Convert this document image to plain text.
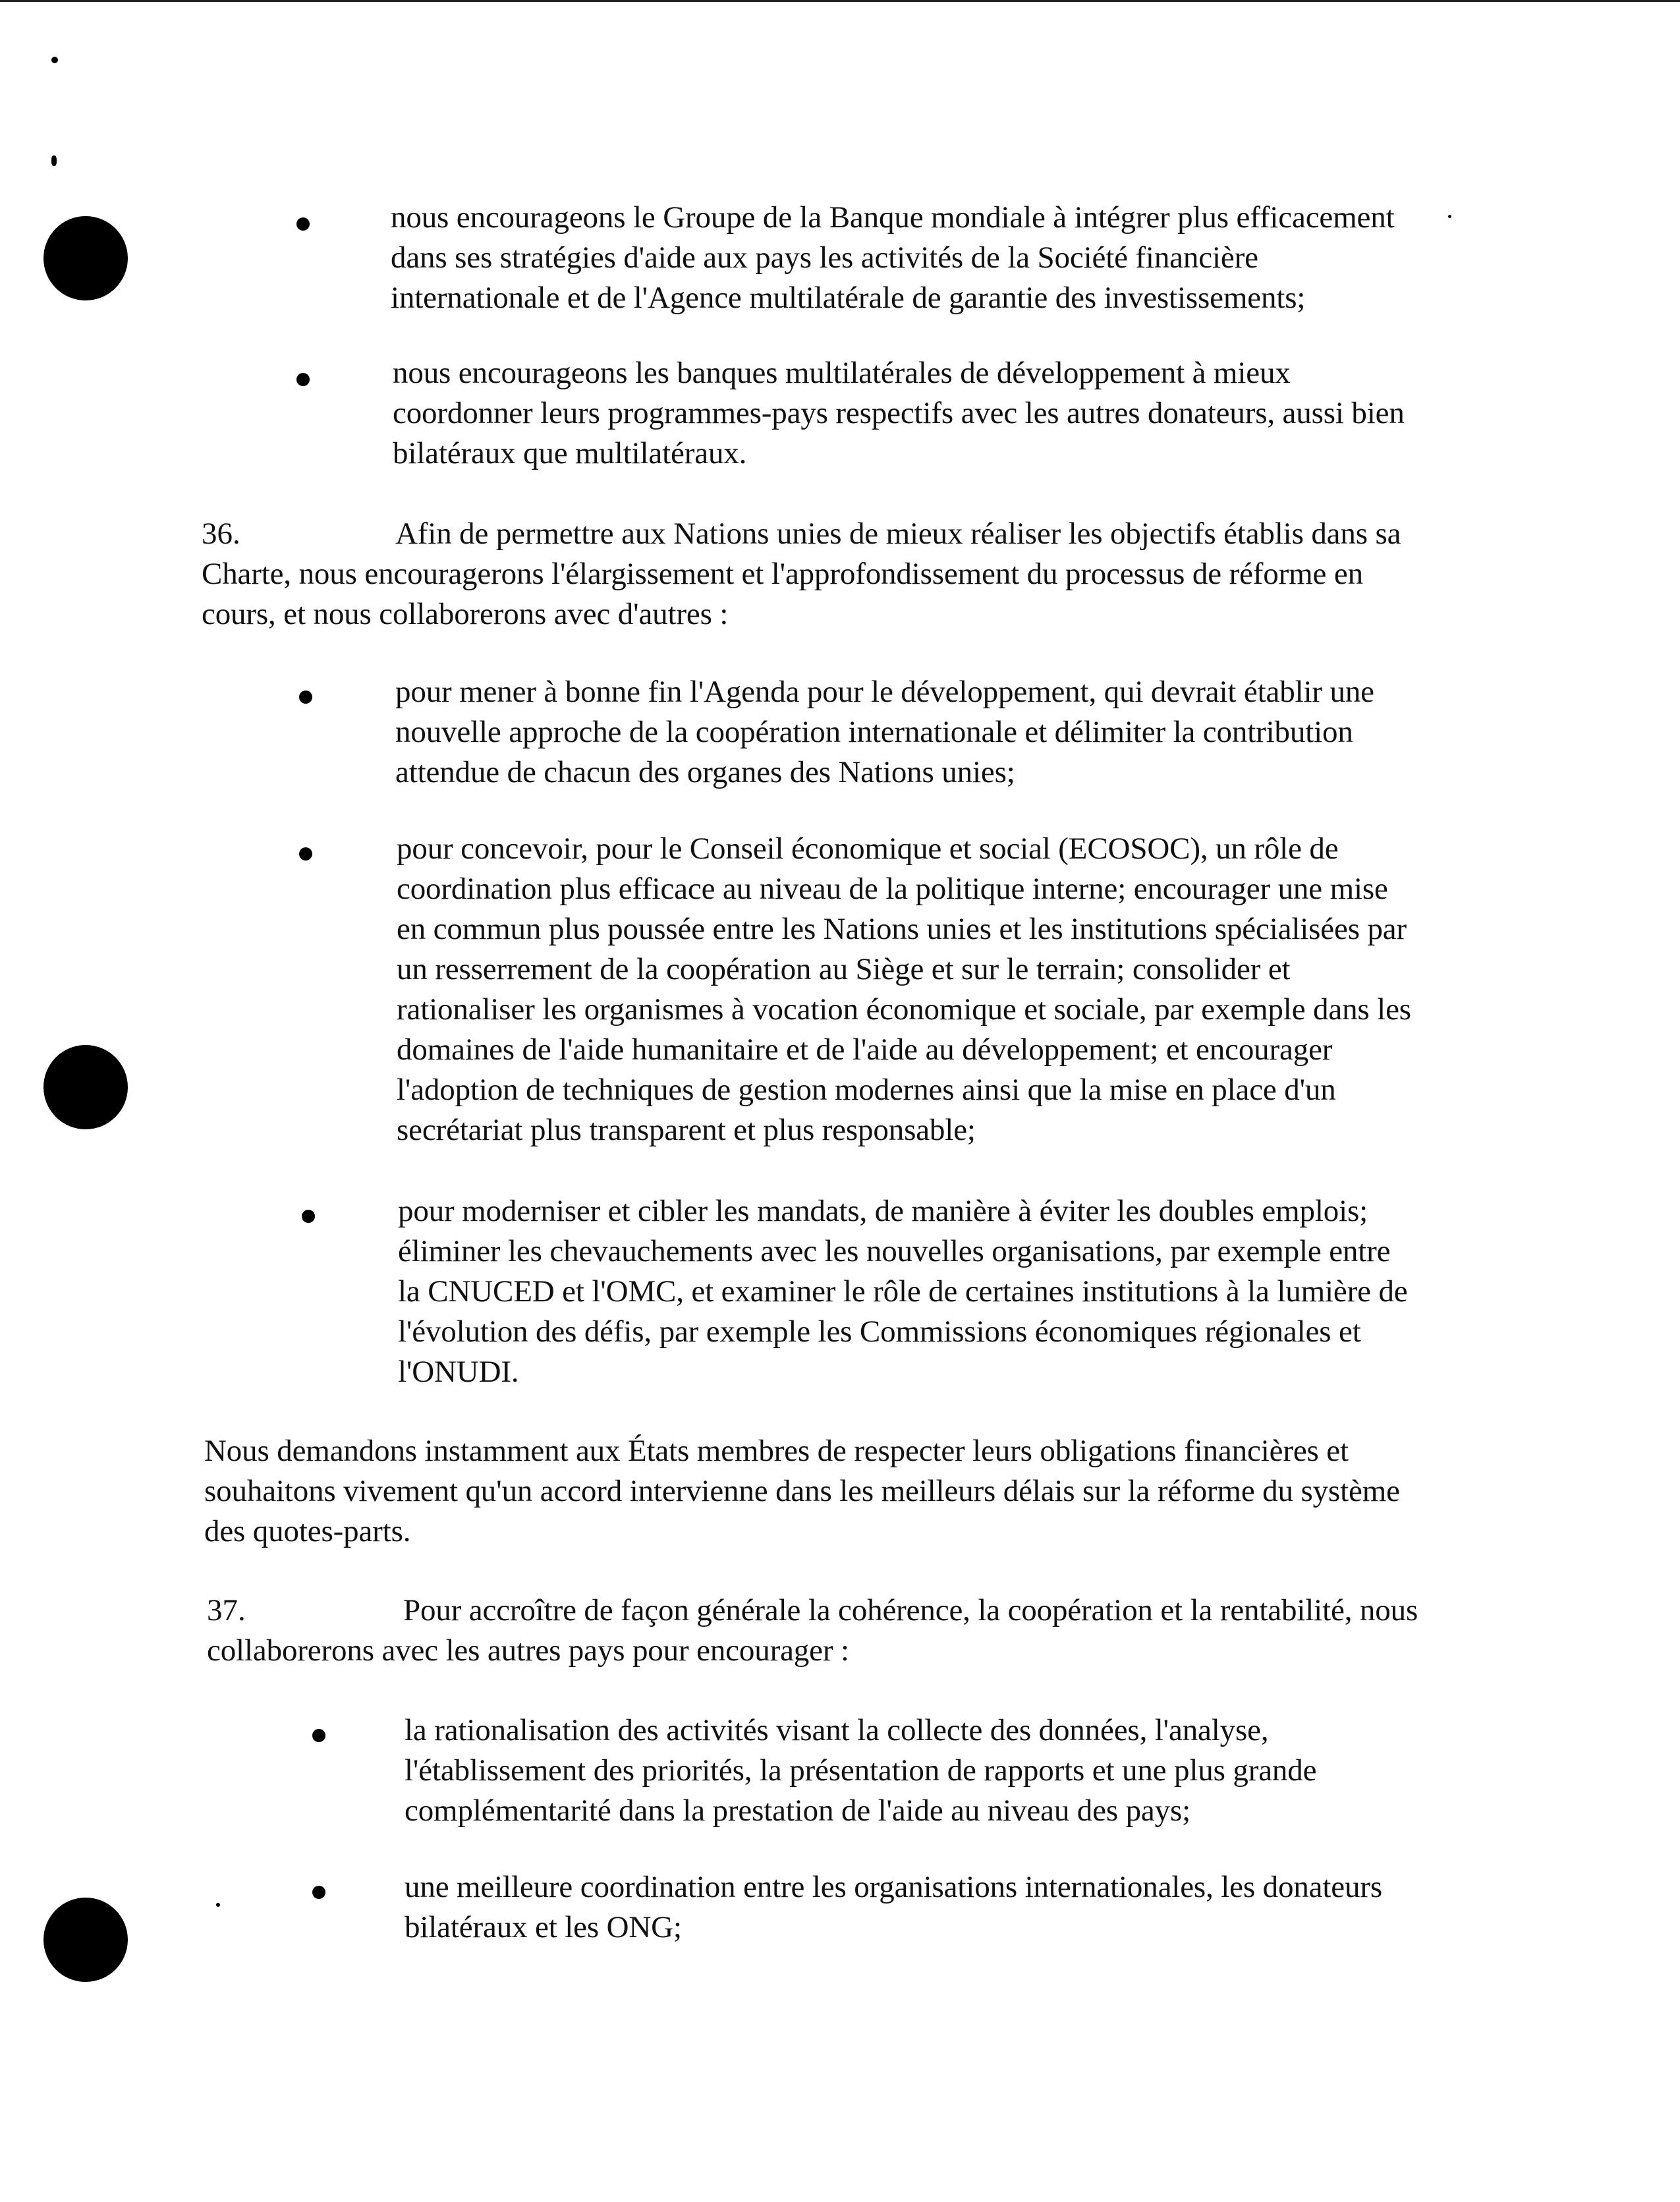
nous encourageons le Groupe de la Banque mondiale à intégrer plus efficacement
dans ses stratégies d'aide aux pays les activités de la Société financière
internationale et de l'Agence multilatérale de garantie des investissements;
nous encourageons les banques multilatérales de développement à mieux
coordonner leurs programmes-pays respectifs avec les autres donateurs, aussi bien
bilatéraux que multilatéraux.
36.	Afin de permettre aux Nations unies de mieux réaliser les objectifs établis dans sa
Charte, nous encouragerons l'élargissement et l'approfondissement du processus de réforme en
cours, et nous collaborerons avec d'autres :
pour mener à bonne fin l'Agenda pour le développement, qui devrait établir une
nouvelle approche de la coopération internationale et délimiter la contribution
attendue de chacun des organes des Nations unies;
pour concevoir, pour le Conseil économique et social (ECOSOC), un rôle de
coordination plus efficace au niveau de la politique interne; encourager une mise
en commun plus poussée entre les Nations unies et les institutions spécialisées par
un resserrement de la coopération au Siège et sur le terrain; consolider et
rationaliser les organismes à vocation économique et sociale, par exemple dans les
domaines de l'aide humanitaire et de l'aide au développement; et encourager
l'adoption de techniques de gestion modernes ainsi que la mise en place d'un
secrétariat plus transparent et plus responsable;
pour moderniser et cibler les mandats, de manière à éviter les doubles emplois;
éliminer les chevauchements avec les nouvelles organisations, par exemple entre
la CNUCED et l'OMC, et examiner le rôle de certaines institutions à la lumière de
l'évolution des défis, par exemple les Commissions économiques régionales et
l'ONUDI.
Nous demandons instamment aux États membres de respecter leurs obligations financières et
souhaitons vivement qu'un accord intervienne dans les meilleurs délais sur la réforme du système
des quotes-parts.
37.	Pour accroître de façon générale la cohérence, la coopération et la rentabilité, nous
collaborerons avec les autres pays pour encourager :
la rationalisation des activités visant la collecte des données, l'analyse,
l'établissement des priorités, la présentation de rapports et une plus grande
complémentarité dans la prestation de l'aide au niveau des pays;
une meilleure coordination entre les organisations internationales, les donateurs
bilatéraux et les ONG;
